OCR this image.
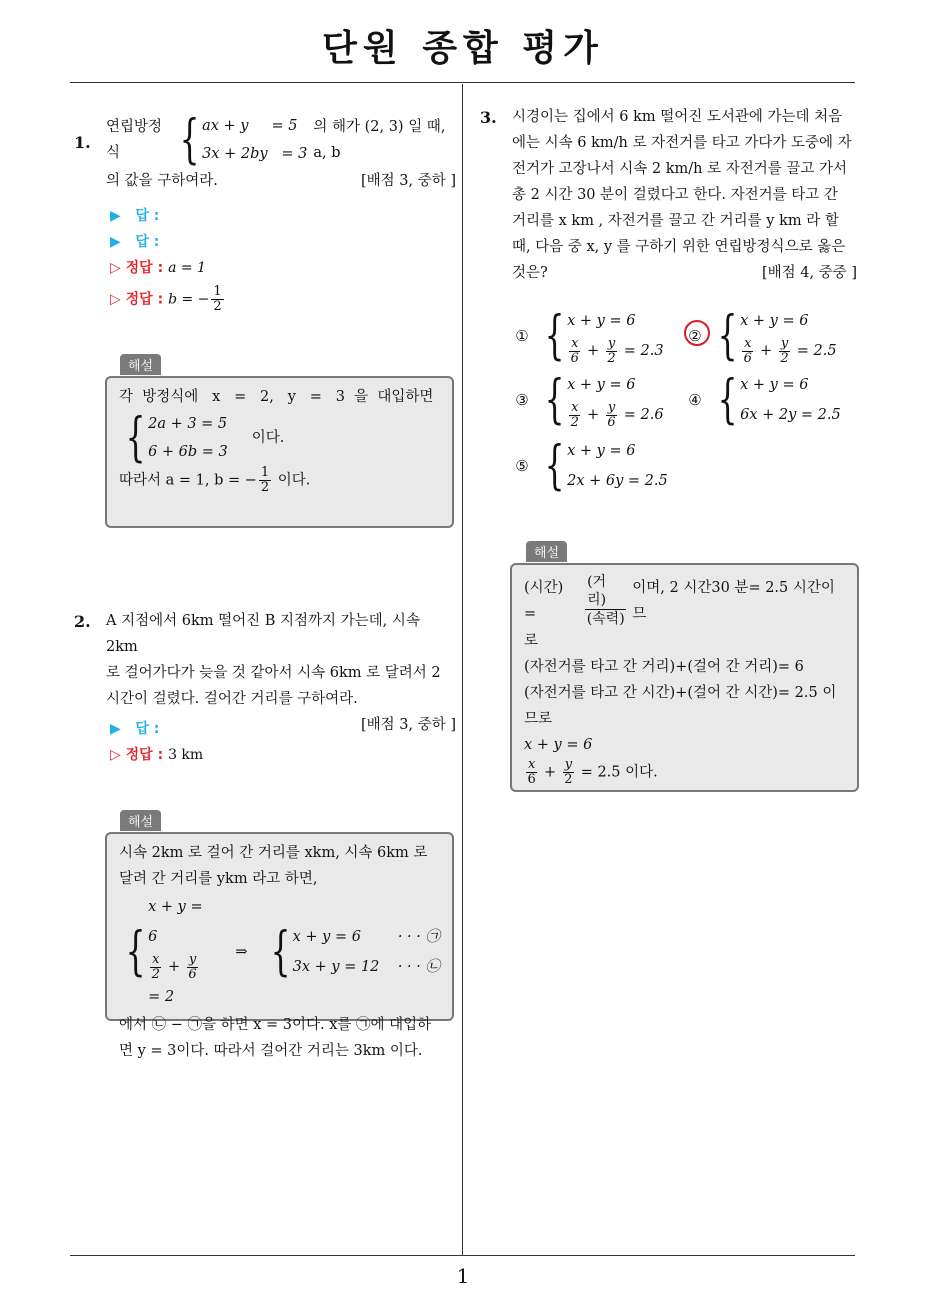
단원 종합 평가
1.
연립방정식	{ ax + y     = 5
3x + 2by   = 3
의 해가 (2, 3) 일 때, a, b
의 값을 구하여라.	[배점 3, 중하 ]
▶ 답 :
▶ 답 :
▷ 정답 : a = 1
▷ 정답 : b = − $\frac{1}{2}$
해설
각  방정식에   x   =   2,   y   =   3  을  대입하면
{ 2a + 3 = 5
6 + 6b = 3
이다.
따라서 a = 1, b = − $\frac{1}{2}$ 이다.
2. A 지점에서 6km 떨어진 B 지점까지 가는데, 시속 2km
로 걸어가다가 늦을 것 같아서 시속 6km 로 달려서 2
시간이 걸렸다. 걸어간 거리를 구하여라.
[배점 3, 중하 ]
▶ 답 :
▷ 정답 : 3 km
해설
시속 2km 로 걸어 간 거리를 xkm, 시속 6km 로
달려 간 거리를 ykm 라고 하면,
{
x + y = 6
$\frac{x}{2} + \frac{y}{6}$
= 2
⇒ { x + y = 6        · · · ㉠
3x + y = 12    · · · ㉡
에서 ㉡ − ㉠을 하면 x = 3이다. x를 ㉠에 대입하
면 y = 3이다. 따라서 걸어간 거리는 3km 이다.
3. 시경이는 집에서 6 km 떨어진 도서관에 가는데 처음
에는 시속 6 km/h 로 자전거를 타고 가다가 도중에 자
전거가 고장나서 시속 2 km/h 로 자전거를 끌고 가서
총 2 시간 30 분이 걸렸다고 한다. 자전거를 타고 간
거리를 x km , 자전거를 끌고 간 거리를 y km 라 할
때, 다음 중 x, y 를 구하기 위한 연립방정식으로 옳은
것은?	[배점 4, 중중 ]
① { x + y = 6
$\frac{x}{6} + \frac{y}{2} = 2.3$
② { x + y = 6
$\frac{x}{6} + \frac{y}{2} = 2.5$
③ { x + y = 6
$\frac{x}{2} + \frac{y}{6} = 2.6$
④ { x + y = 6
6x + 2y = 2.5
⑤ { x + y = 6
2x + 6y = 2.5
해설
(시간) =	$\frac{\text{(거리)}}{\text{(속력)}}$ 이며, 2 시간30 분= 2.5 시간이므
로
(자전거를 타고 간 거리)+(걸어 간 거리)= 6
(자전거를 타고 간 시간)+(걸어 간 시간)= 2.5 이
므로
x + y = 6
$\frac{x}{6} + \frac{y}{2} = 2.5$ 이다.
1
